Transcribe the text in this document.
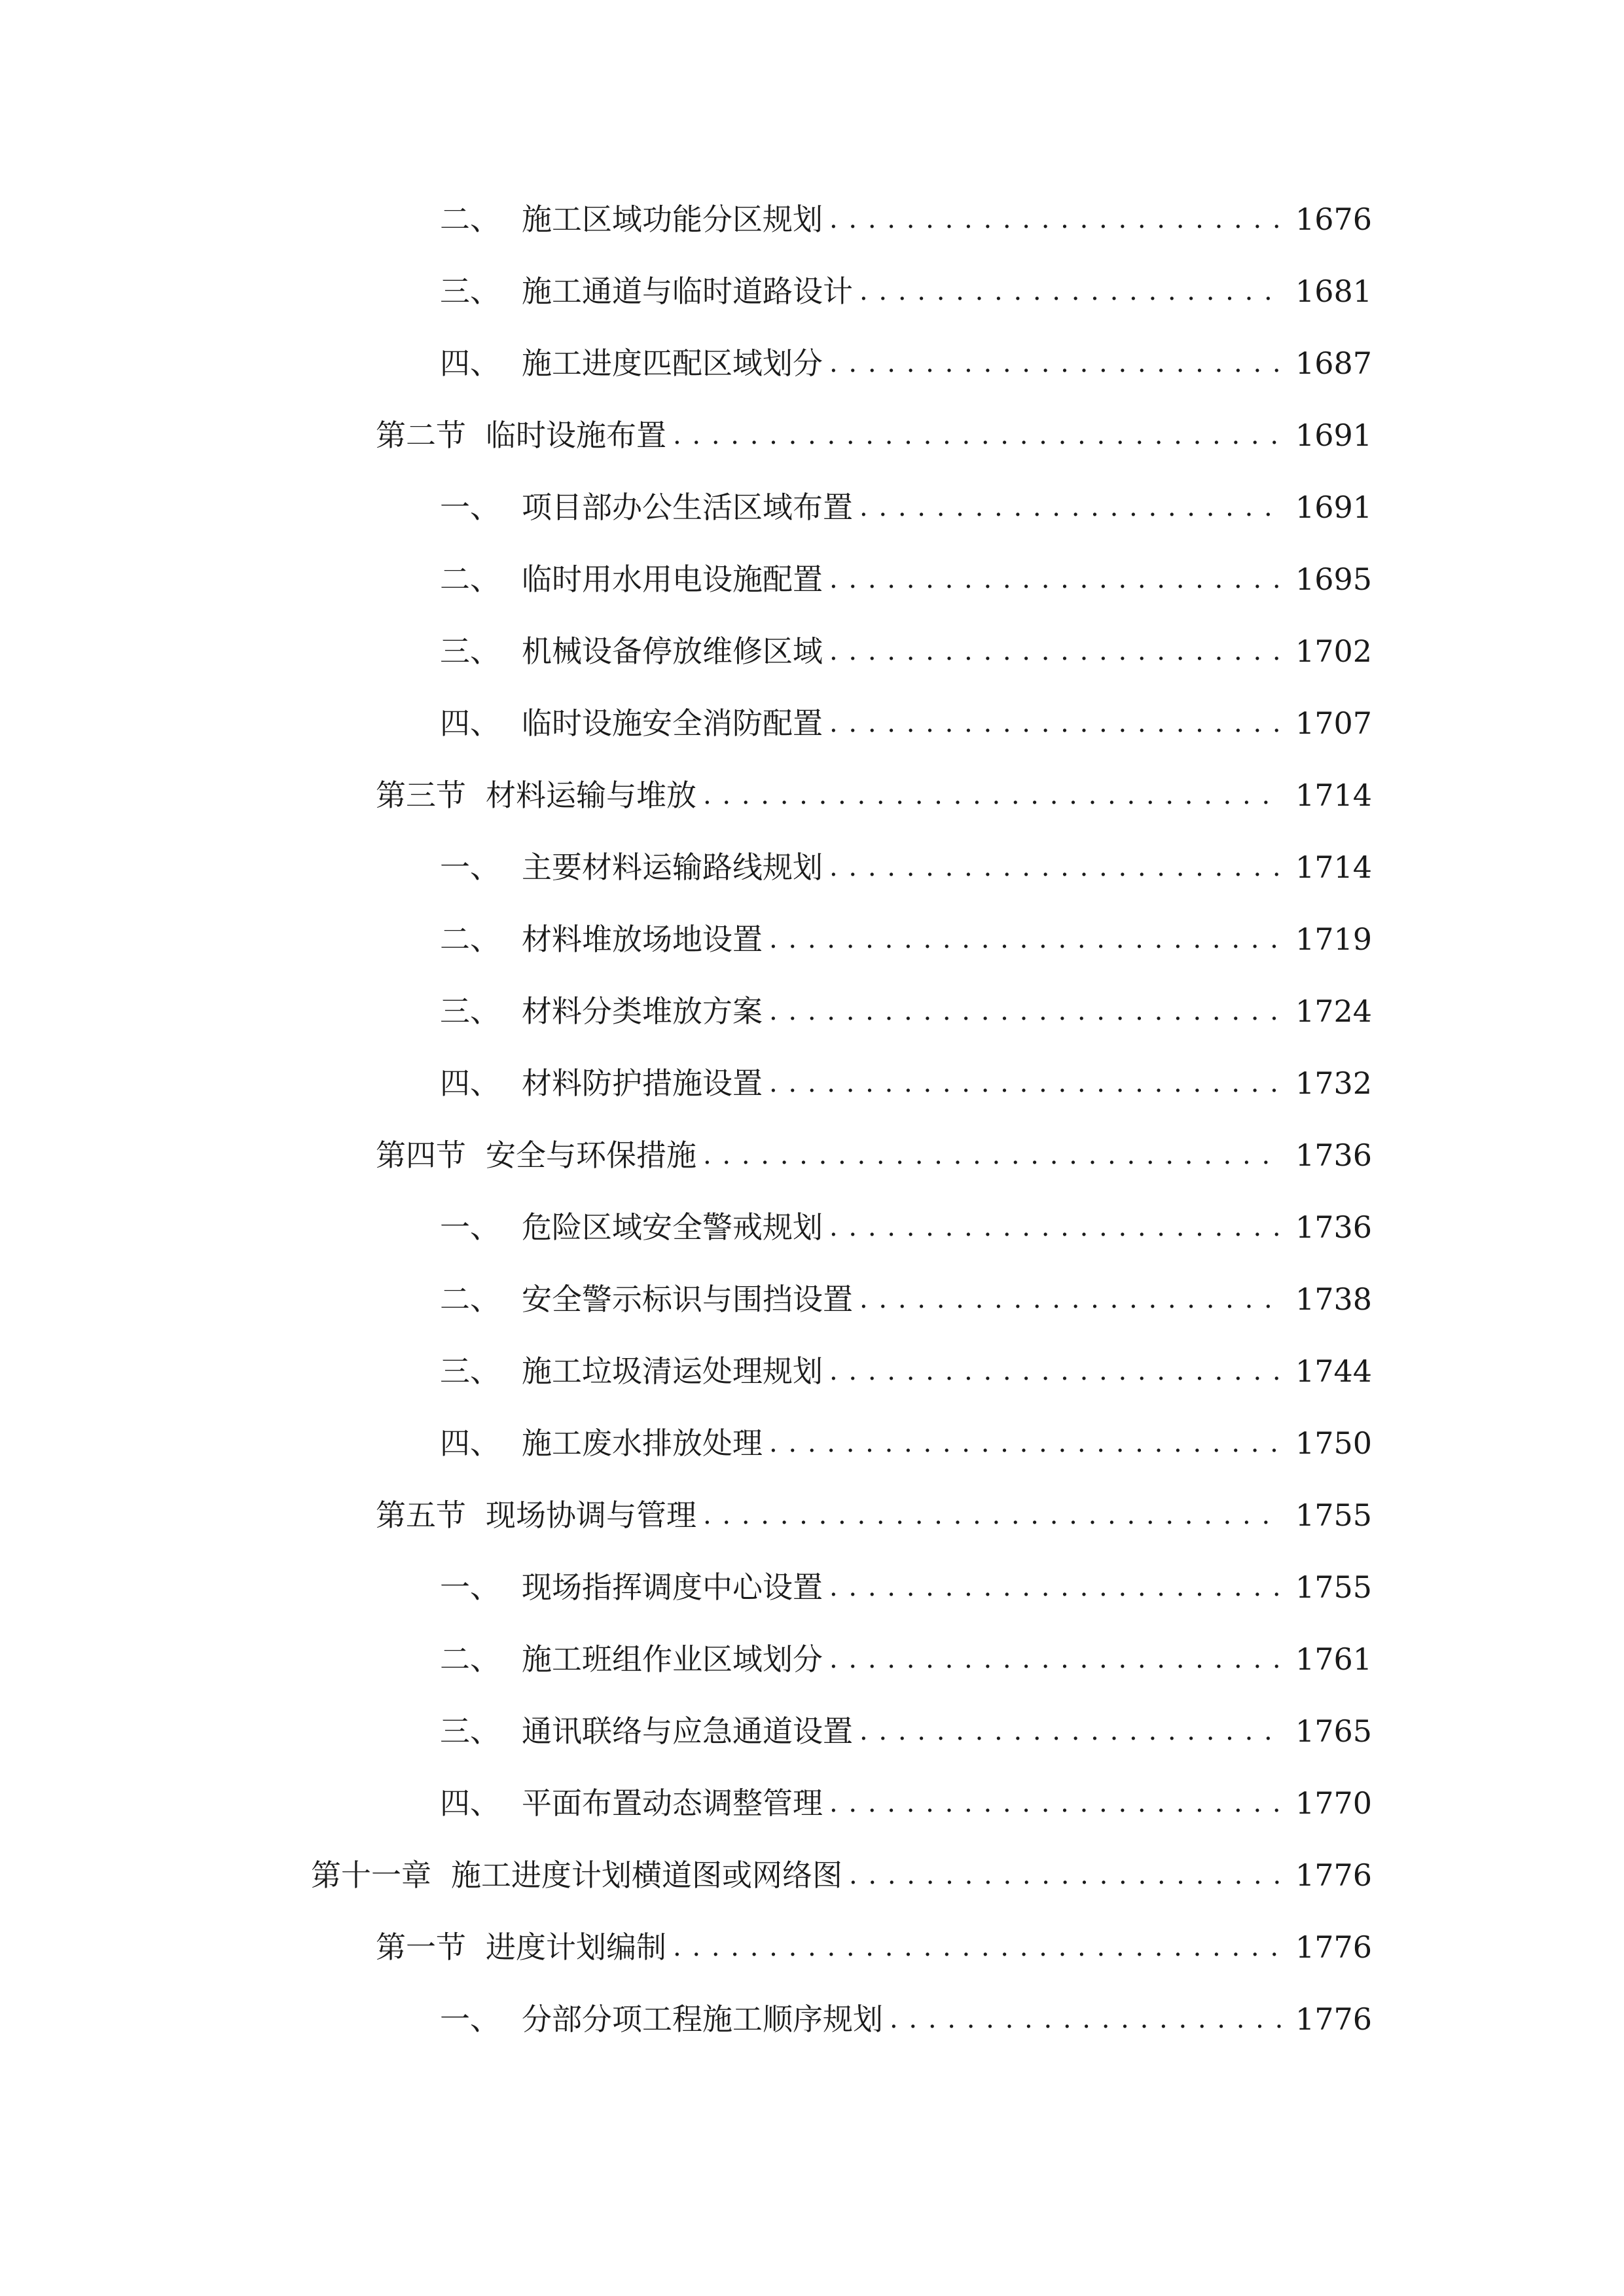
二、 施工区域功能分区规划 . . .	1676
三、 施工通道与临时道路设计 . . .	1681
四、 施工进度匹配区域划分 . . .	1687
第二节 临时设施布置 . . .	1691
一、 项目部办公生活区域布置 . . .	1691
二、 临时用水用电设施配置 . . .	1695
三、 机械设备停放维修区域 . . .	1702
四、 临时设施安全消防配置 . . .	1707
第三节 材料运输与堆放 . . .	1714
一、 主要材料运输路线规划 . . .	1714
二、 材料堆放场地设置 . . .	1719
三、 材料分类堆放方案 . . .	1724
四、 材料防护措施设置 . . .	1732
第四节 安全与环保措施 . . .	1736
一、 危险区域安全警戒规划 . . .	1736
二、 安全警示标识与围挡设置 . . .	1738
三、 施工垃圾清运处理规划 . . .	1744
四、 施工废水排放处理 . . .	1750
第五节 现场协调与管理 . . .	1755
一、 现场指挥调度中心设置 . . .	1755
二、 施工班组作业区域划分 . . .	1761
三、 通讯联络与应急通道设置 . . .	1765
四、 平面布置动态调整管理 . . .	1770
第十一章 施工进度计划横道图或网络图 . . .	1776
第一节 进度计划编制 . . .	1776
一、 分部分项工程施工顺序规划 . . .	1776
